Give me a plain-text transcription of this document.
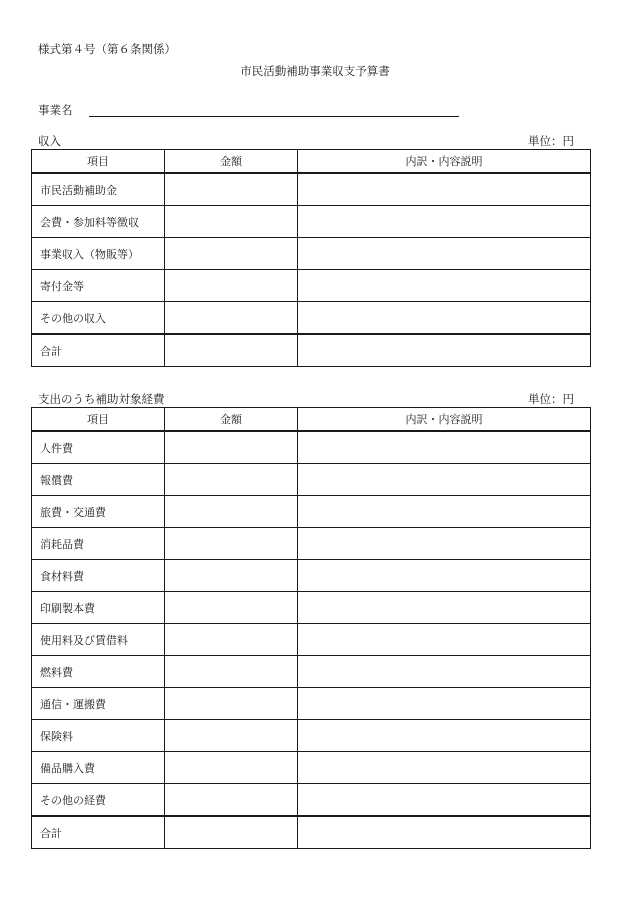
様式第４号（第６条関係）
市民活動補助事業収支予算書
事業名
収入	単位：円
項目	金額	内訳・内容説明
市民活動補助金		
会費・参加料等徴収		
事業収入（物販等）		
寄付金等		
その他の収入		
合計		
支出のうち補助対象経費	単位：円
項目	金額	内訳・内容説明
人件費		
報償費		
旅費・交通費		
消耗品費		
食材料費		
印刷製本費		
使用料及び賃借料		
燃料費		
通信・運搬費		
保険料		
備品購入費		
その他の経費		
合計		
